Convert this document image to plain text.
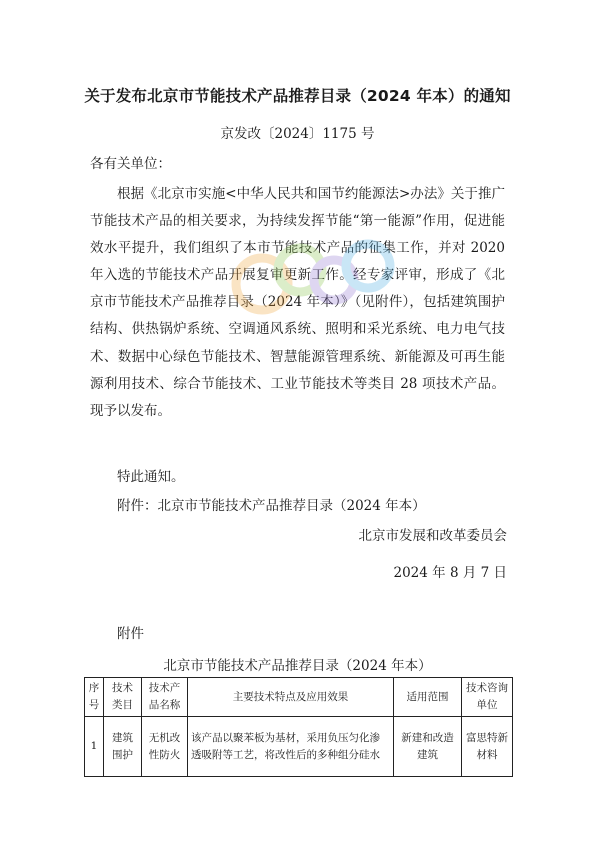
关于发布北京市节能技术产品推荐目录（2024 年本）的通知
京发改〔2024〕1175 号
各有关单位：

根据《北京市实施<中华人民共和国节约能源法>办法》关于推广节能技术产品的相关要求，为持续发挥节能“第一能源”作用，促进能效水平提升，我们组织了本市节能技术产品的征集工作，并对 2020 年入选的节能技术产品开展复审更新工作。经专家评审，形成了《北京市节能技术产品推荐目录（2024 年本）》（见附件），包括建筑围护结构、供热锅炉系统、空调通风系统、照明和采光系统、电力电气技术、数据中心绿色节能技术、智慧能源管理系统、新能源及可再生能源利用技术、综合节能技术、工业节能技术等类目 28 项技术产品。现予以发布。

特此通知。
附件：北京市节能技术产品推荐目录（2024 年本）
北京市发展和改革委员会
2024 年 8 月 7 日
附件
北京市节能技术产品推荐目录（2024 年本）
序号	技术类目	技术产品名称	主要技术特点及应用效果	适用范围	技术咨询单位
1	建筑围护	无机改性防火	该产品以聚苯板为基材，采用负压匀化渗透吸附等工艺，将改性后的多种组分硅水	新建和改造建筑	富思特新材料
